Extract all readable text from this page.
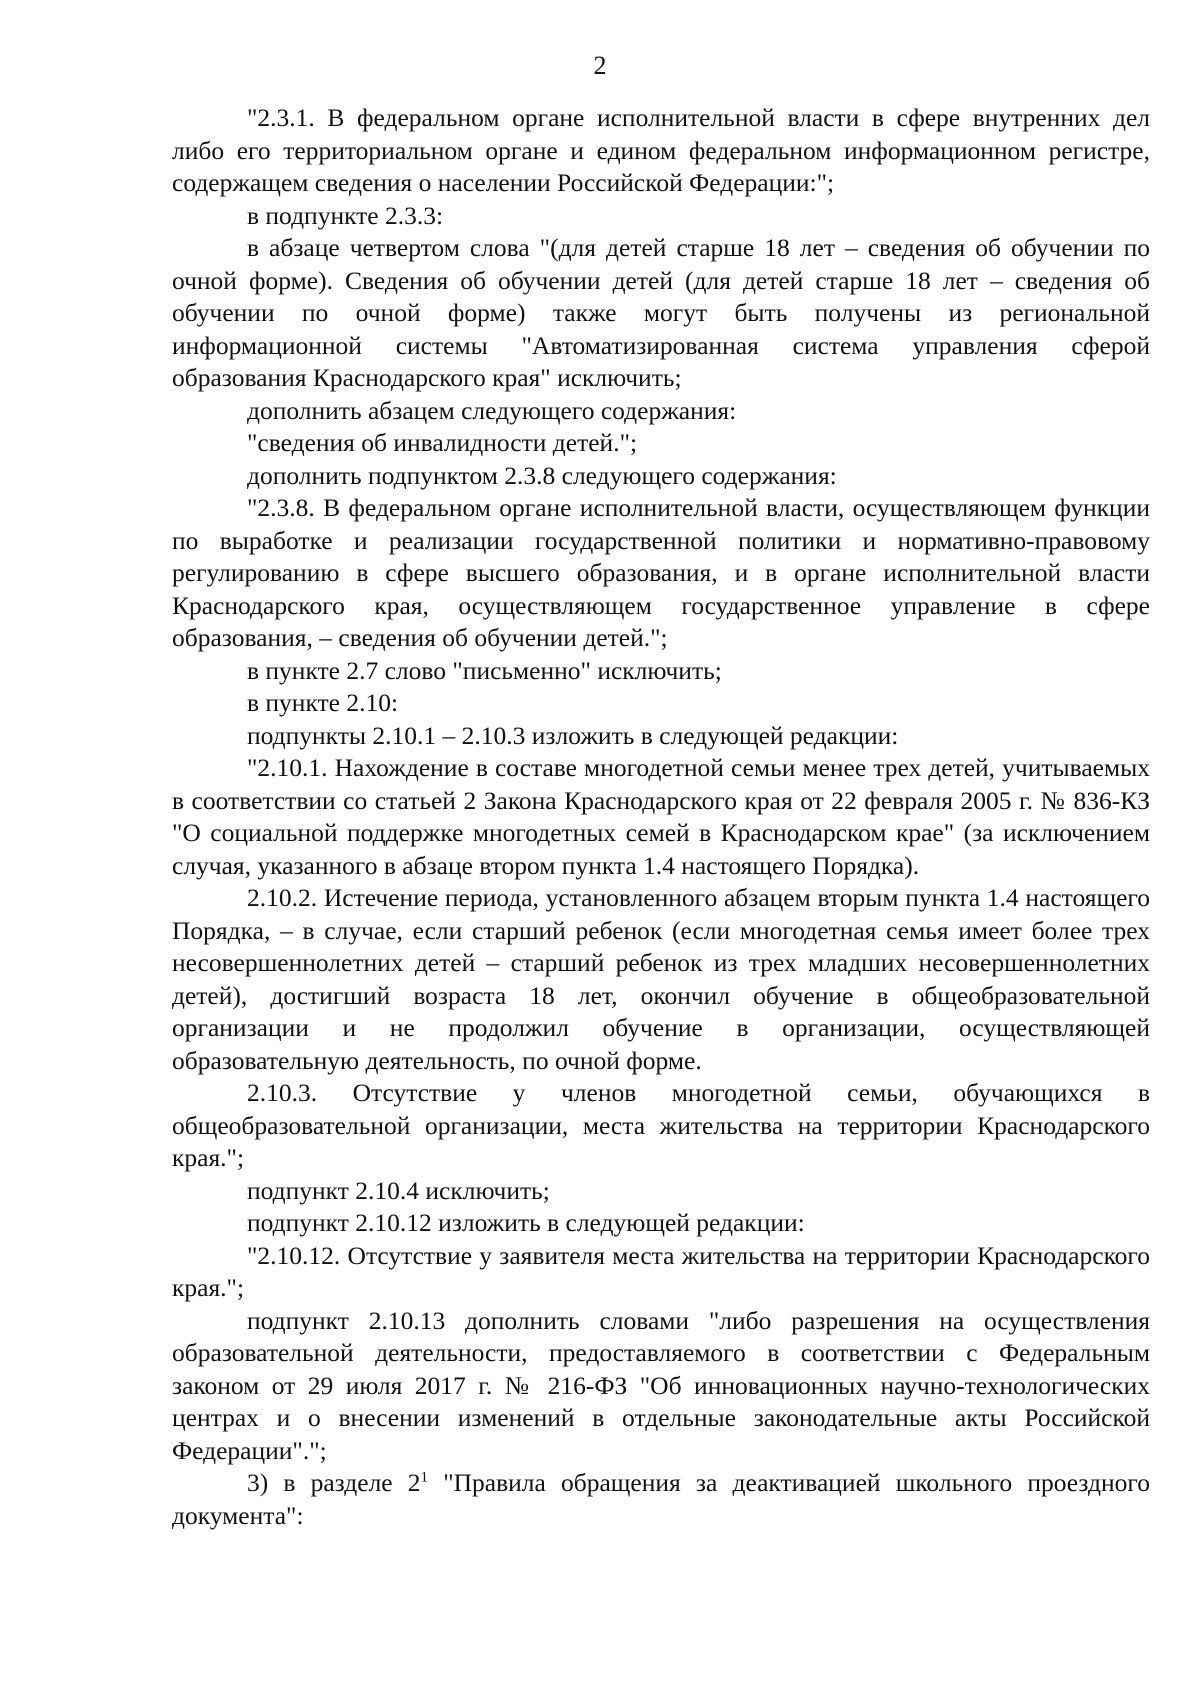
2

"2.3.1. В федеральном органе исполнительной власти в сфере внутренних дел либо его территориальном органе и едином федеральном информационном регистре, содержащем сведения о населении Российской Федерации:";

в подпункте 2.3.3:

в абзаце четвертом слова "(для детей старше 18 лет – сведения об обучении по очной форме). Сведения об обучении детей (для детей старше 18 лет – сведения об обучении по очной форме) также могут быть получены из региональной информационной системы "Автоматизированная система управления сферой образования Краснодарского края" исключить;

дополнить абзацем следующего содержания:

"сведения об инвалидности детей.";

дополнить подпунктом 2.3.8 следующего содержания:

"2.3.8. В федеральном органе исполнительной власти, осуществляющем функции по выработке и реализации государственной политики и нормативно-правовому регулированию в сфере высшего образования, и в органе исполнительной власти Краснодарского края, осуществляющем государственное управление в сфере образования, – сведения об обучении детей.";

в пункте 2.7 слово "письменно" исключить;

в пункте 2.10:

подпункты 2.10.1 – 2.10.3 изложить в следующей редакции:

"2.10.1. Нахождение в составе многодетной семьи менее трех детей, учитываемых в соответствии со статьей 2 Закона Краснодарского края от 22 февраля 2005 г. № 836-КЗ "О социальной поддержке многодетных семей в Краснодарском крае" (за исключением случая, указанного в абзаце втором пункта 1.4 настоящего Порядка).

2.10.2. Истечение периода, установленного абзацем вторым пункта 1.4 настоящего Порядка, – в случае, если старший ребенок (если многодетная семья имеет более трех несовершеннолетних детей – старший ребенок из трех младших несовершеннолетних детей), достигший возраста 18 лет, окончил обучение в общеобразовательной организации и не продолжил обучение в организации, осуществляющей образовательную деятельность, по очной форме.

2.10.3. Отсутствие у членов многодетной семьи, обучающихся в общеобразовательной организации, места жительства на территории Краснодарского края.";

подпункт 2.10.4 исключить;

подпункт 2.10.12 изложить в следующей редакции:

"2.10.12. Отсутствие у заявителя места жительства на территории Краснодарского края.";

подпункт 2.10.13 дополнить словами "либо разрешения на осуществления образовательной деятельности, предоставляемого в соответствии с Федеральным законом от 29 июля 2017 г. № 216-ФЗ "Об инновационных научно-технологических центрах и о внесении изменений в отдельные законодательные акты Российской Федерации".";

3) в разделе $2^1$ "Правила обращения за деактивацией школьного проездного документа":
